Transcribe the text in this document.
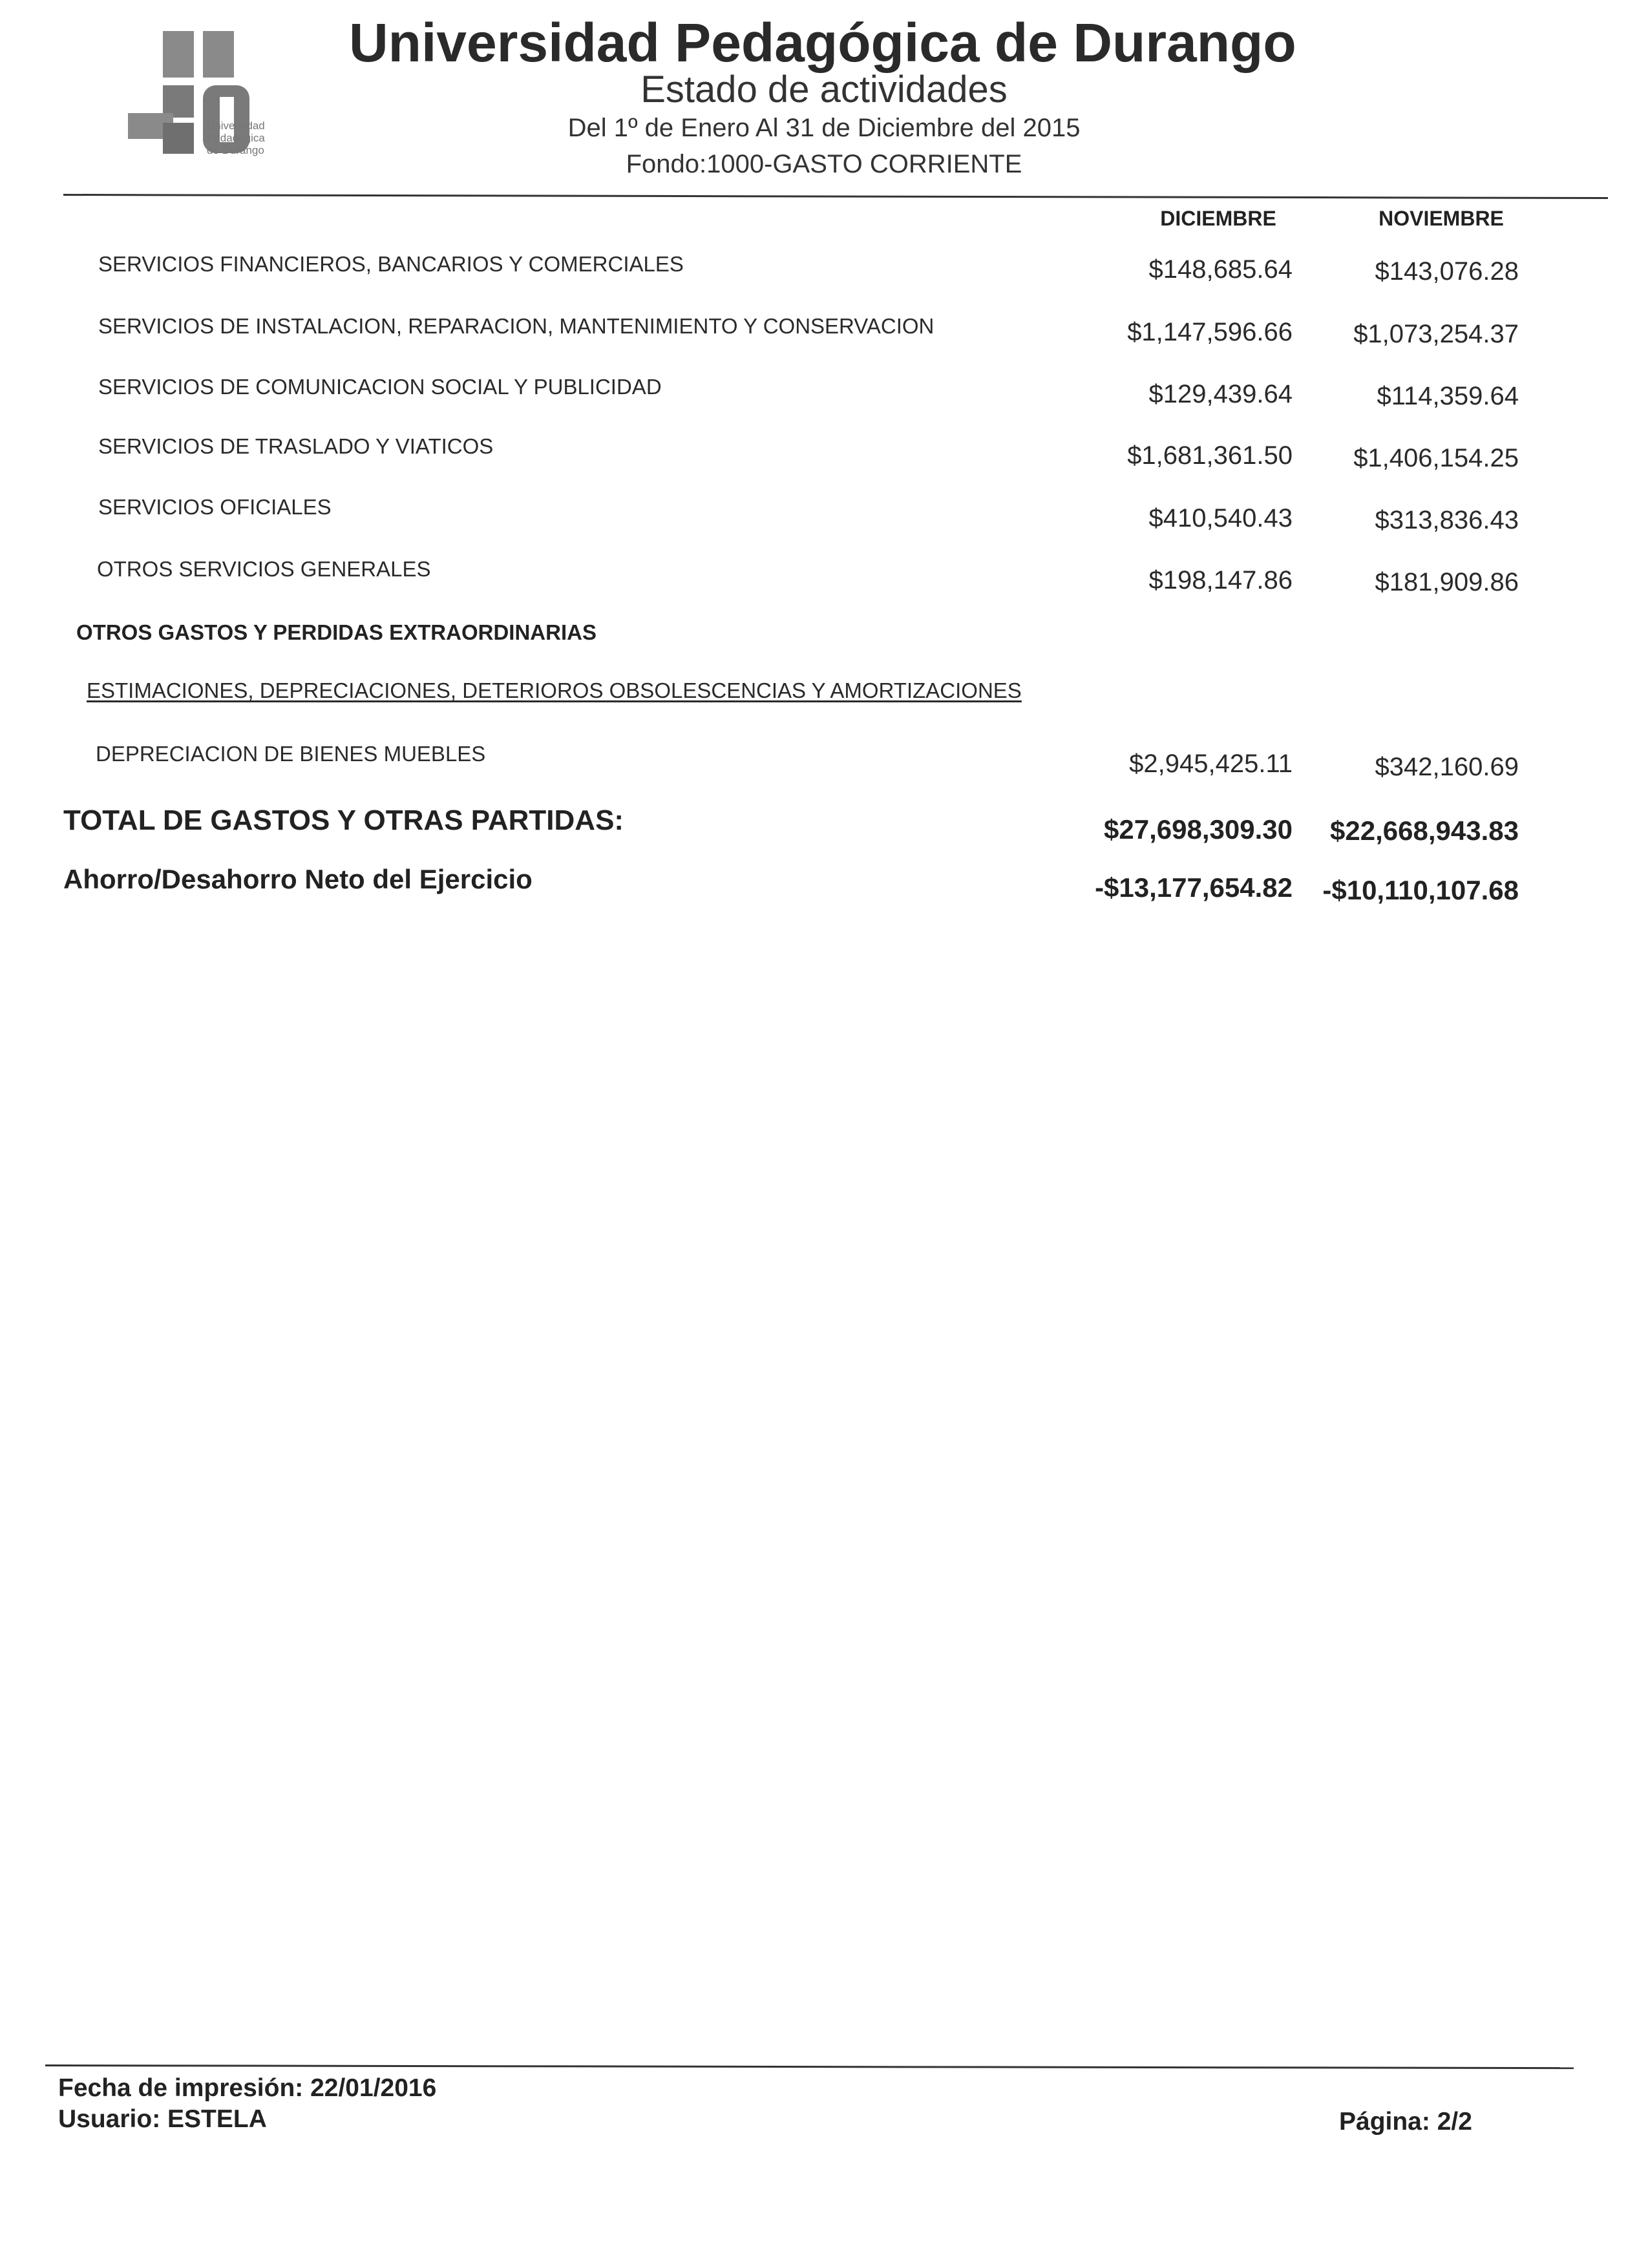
Universidad
Pedagógica
de Durango
Universidad Pedagógica de Durango
Estado de actividades
Del 1º de Enero Al 31 de Diciembre del 2015
Fondo:1000-GASTO CORRIENTE
DICIEMBRE	NOVIEMBRE
SERVICIOS FINANCIEROS, BANCARIOS Y COMERCIALES	$148,685.64	$143,076.28
SERVICIOS DE INSTALACION, REPARACION, MANTENIMIENTO Y CONSERVACION	$1,147,596.66	$1,073,254.37
SERVICIOS DE COMUNICACION SOCIAL Y PUBLICIDAD	$129,439.64	$114,359.64
SERVICIOS DE TRASLADO Y VIATICOS	$1,681,361.50	$1,406,154.25
SERVICIOS OFICIALES	$410,540.43	$313,836.43
OTROS SERVICIOS GENERALES	$198,147.86	$181,909.86
OTROS GASTOS Y PERDIDAS EXTRAORDINARIAS
ESTIMACIONES, DEPRECIACIONES, DETERIOROS OBSOLESCENCIAS Y AMORTIZACIONES
DEPRECIACION DE BIENES MUEBLES	$2,945,425.11	$342,160.69
TOTAL DE GASTOS Y OTRAS PARTIDAS:	$27,698,309.30	$22,668,943.83
Ahorro/Desahorro Neto del Ejercicio	-$13,177,654.82	-$10,110,107.68
Fecha de impresión: 22/01/2016
Usuario: ESTELA	Página: 2/2
